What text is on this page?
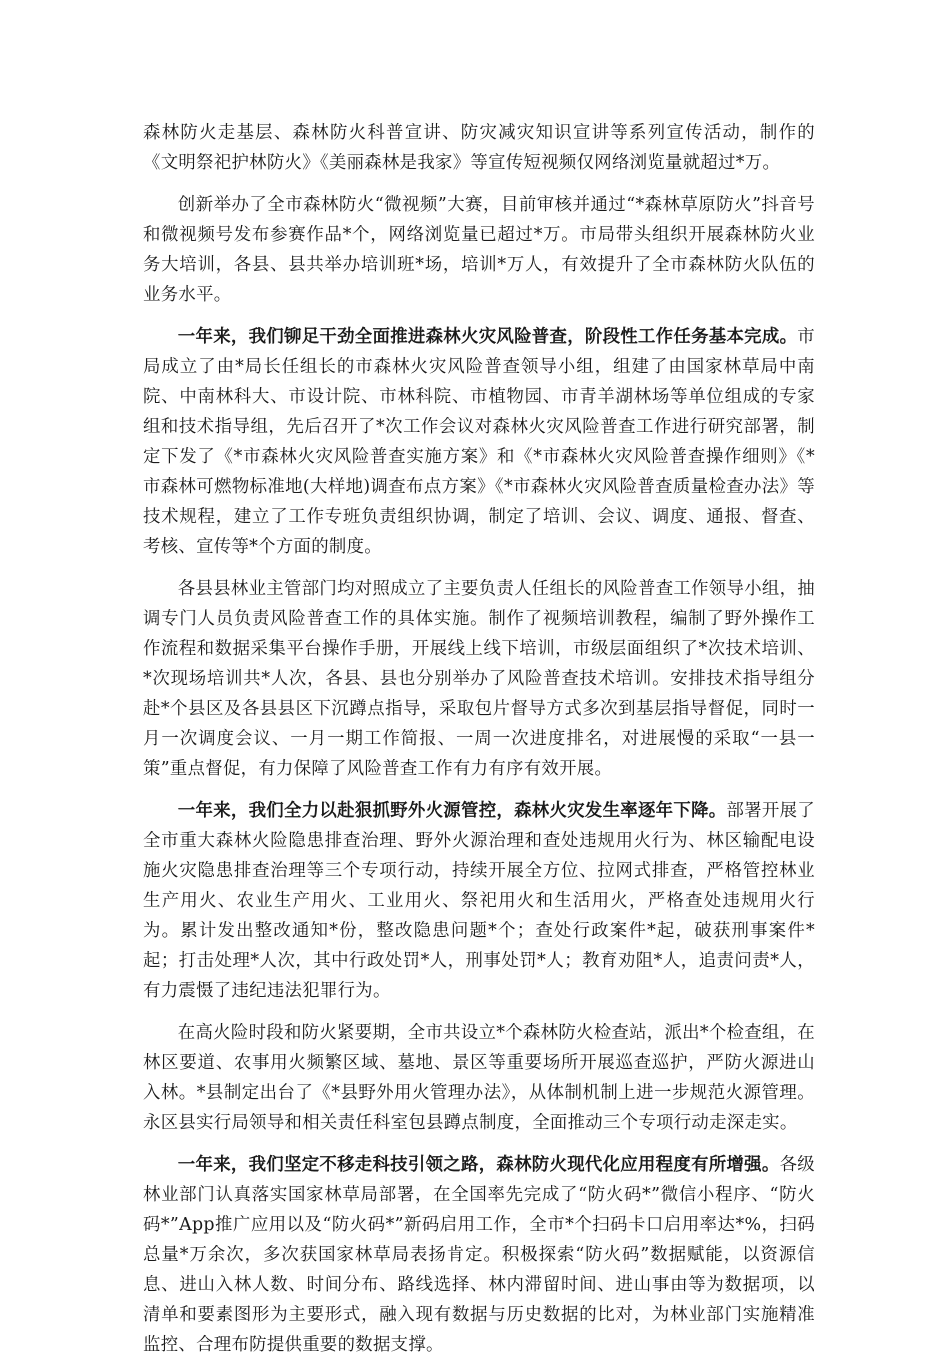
森林防火走基层、森林防火科普宣讲、防灾减灾知识宣讲等系列宣传活动，制作的《文明祭祀护林防火》《美丽森林是我家》等宣传短视频仅网络浏览量就超过*万。

创新举办了全市森林防火“微视频”大赛，目前审核并通过“*森林草原防火”抖音号和微视频号发布参赛作品*个，网络浏览量已超过*万。市局带头组织开展森林防火业务大培训，各县、县共举办培训班*场，培训*万人，有效提升了全市森林防火队伍的业务水平。

一年来，我们铆足干劲全面推进森林火灾风险普查，阶段性工作任务基本完成。市局成立了由*局长任组长的市森林火灾风险普查领导小组，组建了由国家林草局中南院、中南林科大、市设计院、市林科院、市植物园、市青羊湖林场等单位组成的专家组和技术指导组，先后召开了*次工作会议对森林火灾风险普查工作进行研究部署，制定下发了《*市森林火灾风险普查实施方案》和《*市森林火灾风险普查操作细则》《*市森林可燃物标准地(大样地)调查布点方案》《*市森林火灾风险普查质量检查办法》等技术规程，建立了工作专班负责组织协调，制定了培训、会议、调度、通报、督查、考核、宣传等*个方面的制度。

各县县林业主管部门均对照成立了主要负责人任组长的风险普查工作领导小组，抽调专门人员负责风险普查工作的具体实施。制作了视频培训教程，编制了野外操作工作流程和数据采集平台操作手册，开展线上线下培训，市级层面组织了*次技术培训、*次现场培训共*人次，各县、县也分别举办了风险普查技术培训。安排技术指导组分赴*个县区及各县县区下沉蹲点指导，采取包片督导方式多次到基层指导督促，同时一月一次调度会议、一月一期工作简报、一周一次进度排名，对进展慢的采取“一县一策”重点督促，有力保障了风险普查工作有力有序有效开展。

一年来，我们全力以赴狠抓野外火源管控，森林火灾发生率逐年下降。部署开展了全市重大森林火险隐患排查治理、野外火源治理和查处违规用火行为、林区输配电设施火灾隐患排查治理等三个专项行动，持续开展全方位、拉网式排查，严格管控林业生产用火、农业生产用火、工业用火、祭祀用火和生活用火，严格查处违规用火行为。累计发出整改通知*份，整改隐患问题*个；查处行政案件*起，破获刑事案件*起；打击处理*人次，其中行政处罚*人，刑事处罚*人；教育劝阻*人，追责问责*人，有力震慑了违纪违法犯罪行为。

在高火险时段和防火紧要期，全市共设立*个森林防火检查站，派出*个检查组，在林区要道、农事用火频繁区域、墓地、景区等重要场所开展巡查巡护，严防火源进山入林。*县制定出台了《*县野外用火管理办法》，从体制机制上进一步规范火源管理。永区县实行局领导和相关责任科室包县蹲点制度，全面推动三个专项行动走深走实。

一年来，我们坚定不移走科技引领之路，森林防火现代化应用程度有所增强。各级林业部门认真落实国家林草局部署，在全国率先完成了“防火码*”微信小程序、“防火码*”App推广应用以及“防火码*”新码启用工作，全市*个扫码卡口启用率达*%，扫码总量*万余次，多次获国家林草局表扬肯定。积极探索“防火码”数据赋能，以资源信息、进山入林人数、时间分布、路线选择、林内滞留时间、进山事由等为数据项，以清单和要素图形为主要形式，融入现有数据与历史数据的比对，为林业部门实施精准监控、合理布防提供重要的数据支撑。
